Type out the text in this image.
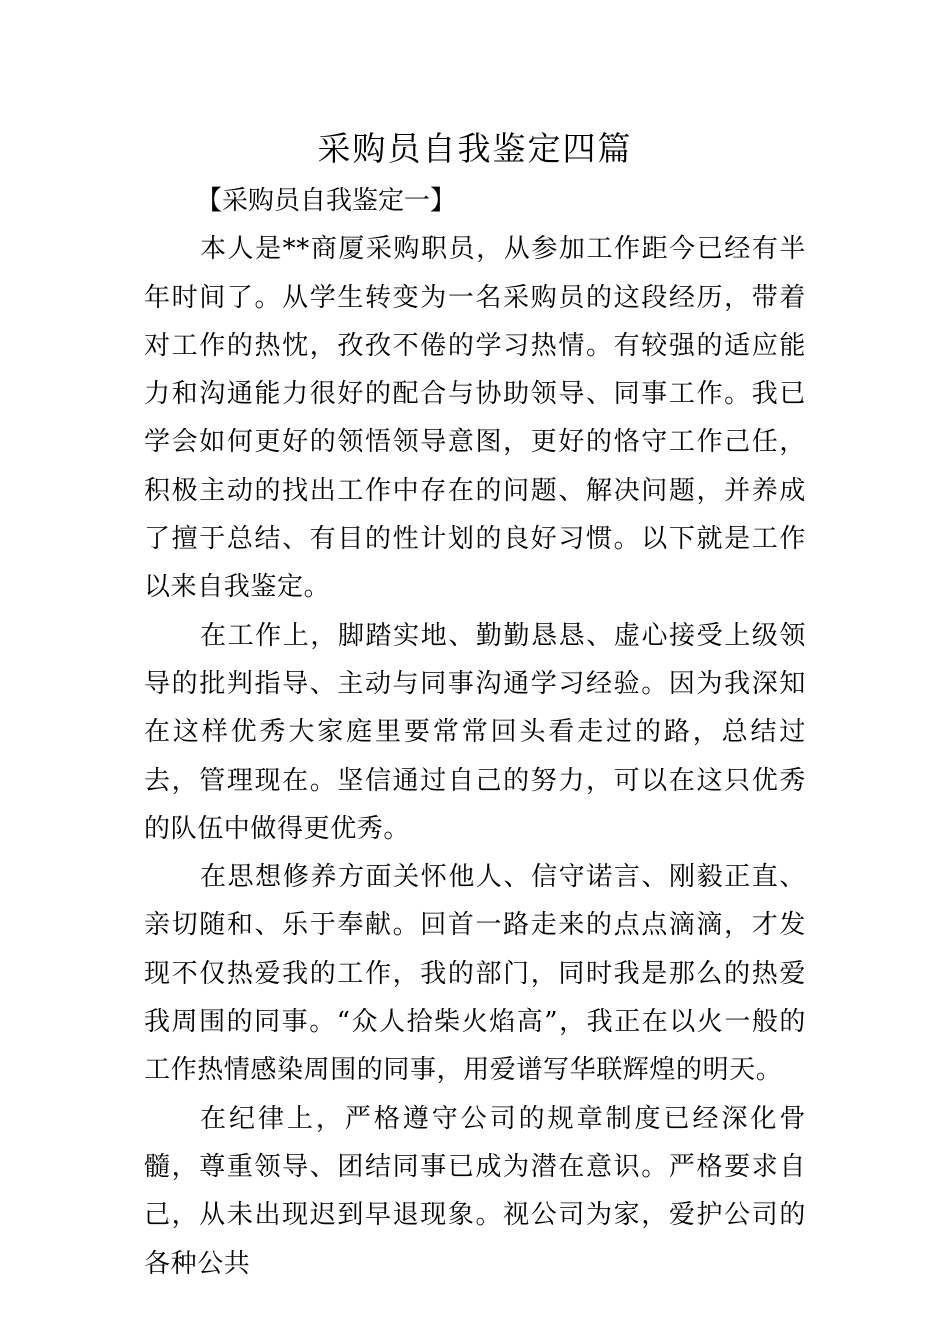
采购员自我鉴定四篇
【采购员自我鉴定一】

本人是**商厦采购职员，从参加工作距今已经有半年时间了。从学生转变为一名采购员的这段经历，带着对工作的热忱，孜孜不倦的学习热情。有较强的适应能力和沟通能力很好的配合与协助领导、同事工作。我已学会如何更好的领悟领导意图，更好的恪守工作己任，积极主动的找出工作中存在的问题、解决问题，并养成了擅于总结、有目的性计划的良好习惯。以下就是工作以来自我鉴定。

在工作上，脚踏实地、勤勤恳恳、虚心接受上级领导的批判指导、主动与同事沟通学习经验。因为我深知在这样优秀大家庭里要常常回头看走过的路，总结过去，管理现在。坚信通过自己的努力，可以在这只优秀的队伍中做得更优秀。

在思想修养方面关怀他人、信守诺言、刚毅正直、亲切随和、乐于奉献。回首一路走来的点点滴滴，才发现不仅热爱我的工作，我的部门，同时我是那么的热爱我周围的同事。“众人拾柴火焰高”，我正在以火一般的工作热情感染周围的同事，用爱谱写华联辉煌的明天。

在纪律上，严格遵守公司的规章制度已经深化骨髓，尊重领导、团结同事已成为潜在意识。严格要求自己，从未出现迟到早退现象。视公司为家，爱护公司的各种公共
